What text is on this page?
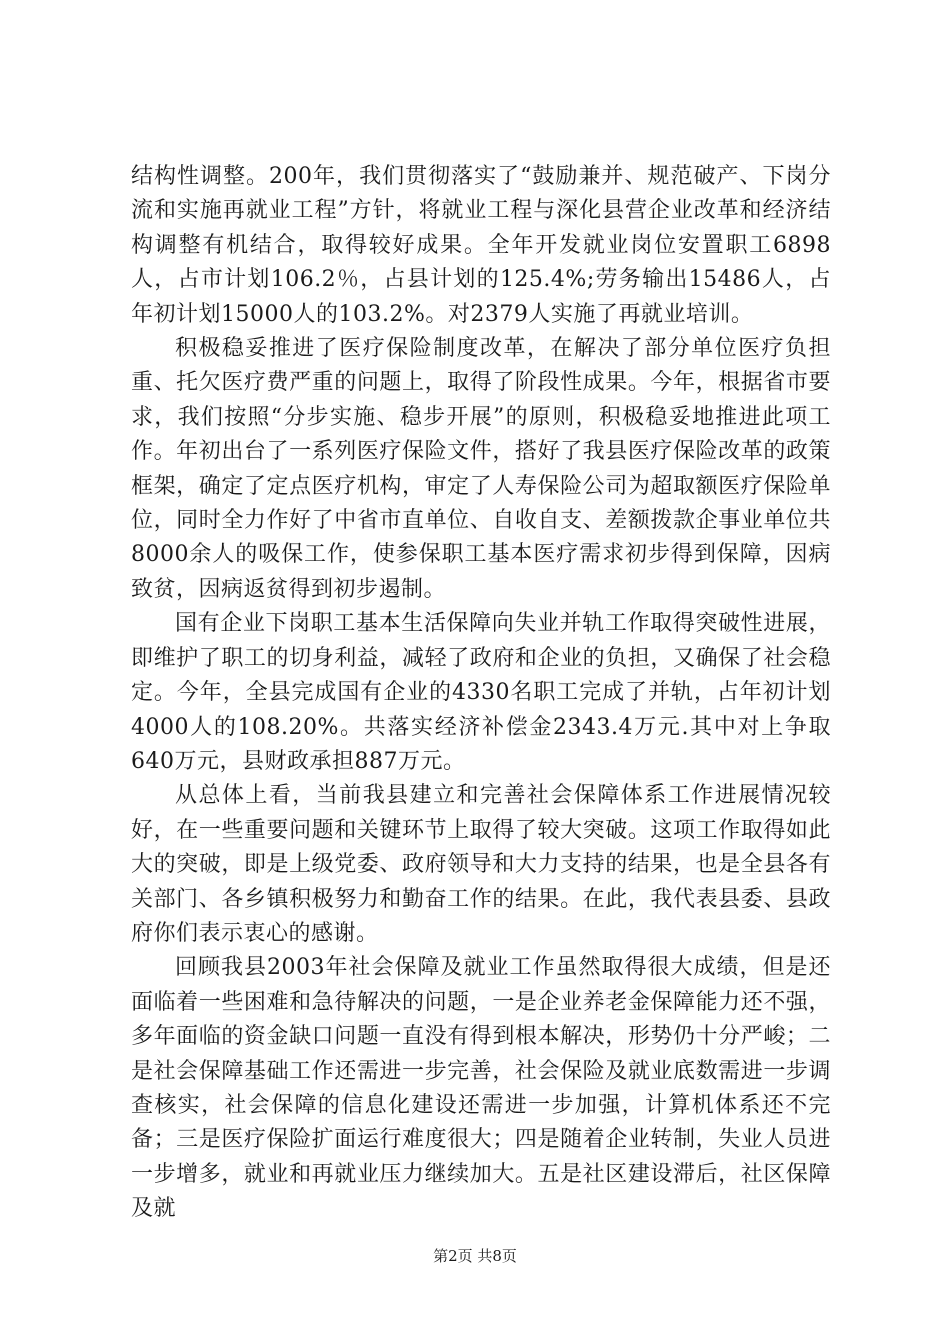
结构性调整。200年，我们贯彻落实了“鼓励兼并、规范破产、下岗分流和实施再就业工程”方针，将就业工程与深化县营企业改革和经济结构调整有机结合，取得较好成果。全年开发就业岗位安置职工6898人，占市计划106.2％，占县计划的125.4%;劳务输出15486人，占年初计划15000人的103.2%。对2379人实施了再就业培训。

积极稳妥推进了医疗保险制度改革，在解决了部分单位医疗负担重、托欠医疗费严重的问题上，取得了阶段性成果。今年，根据省市要求，我们按照“分步实施、稳步开展”的原则，积极稳妥地推进此项工作。年初出台了一系列医疗保险文件，搭好了我县医疗保险改革的政策框架，确定了定点医疗机构，审定了人寿保险公司为超取额医疗保险单位，同时全力作好了中省市直单位、自收自支、差额拨款企事业单位共8000余人的吸保工作，使参保职工基本医疗需求初步得到保障，因病致贫，因病返贫得到初步遏制。

国有企业下岗职工基本生活保障向失业并轨工作取得突破性进展，即维护了职工的切身利益，减轻了政府和企业的负担，又确保了社会稳定。今年，全县完成国有企业的4330名职工完成了并轨，占年初计划4000人的108.20%。共落实经济补偿金2343.4万元.其中对上争取640万元，县财政承担887万元。

从总体上看，当前我县建立和完善社会保障体系工作进展情况较好，在一些重要问题和关键环节上取得了较大突破。这项工作取得如此大的突破，即是上级党委、政府领导和大力支持的结果，也是全县各有关部门、各乡镇积极努力和勤奋工作的结果。在此，我代表县委、县政府你们表示衷心的感谢。

回顾我县2003年社会保障及就业工作虽然取得很大成绩，但是还面临着一些困难和急待解决的问题，一是企业养老金保障能力还不强，多年面临的资金缺口问题一直没有得到根本解决，形势仍十分严峻；二是社会保障基础工作还需进一步完善，社会保险及就业底数需进一步调查核实，社会保障的信息化建设还需进一步加强，计算机体系还不完备；三是医疗保险扩面运行难度很大；四是随着企业转制，失业人员进一步增多，就业和再就业压力继续加大。五是社区建设滞后，社区保障及就

第2页 共8页
